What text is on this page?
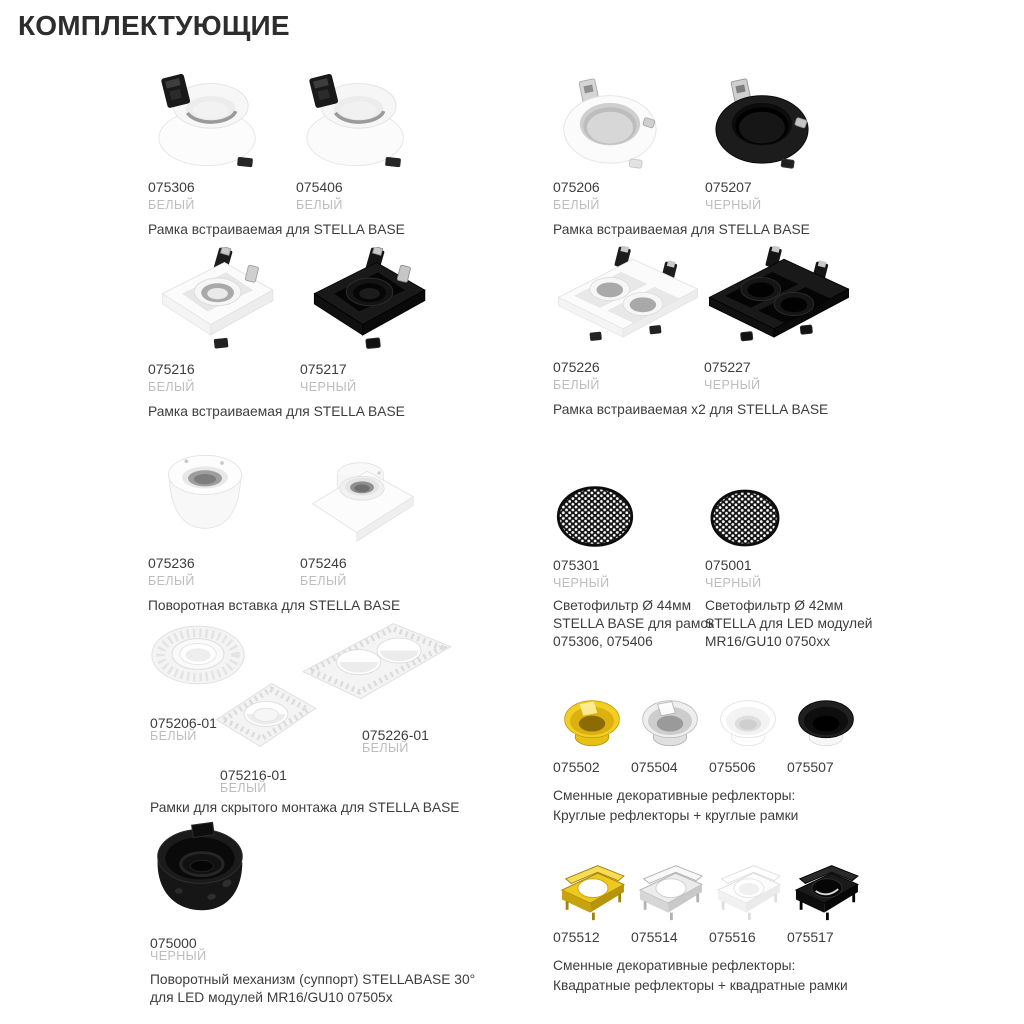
КОМПЛЕКТУЮЩИЕ
075306
БЕЛЫЙ
075406
БЕЛЫЙ
Рамка встраиваемая для STELLA BASE
075216
БЕЛЫЙ
075217
ЧЕРНЫЙ
Рамка встраиваемая для STELLA BASE
075236
БЕЛЫЙ
075246
БЕЛЫЙ
Поворотная вставка для STELLA BASE
075206-01
БЕЛЫЙ
075216-01
БЕЛЫЙ
075226-01
БЕЛЫЙ
Рамки для скрытого монтажа для STELLA BASE
075000
ЧЕРНЫЙ
Поворотный механизм (суппорт) STELLABASE 30°
для LED модулей MR16/GU10 07505x
075206
БЕЛЫЙ
075207
ЧЕРНЫЙ
Рамка встраиваемая для STELLA BASE
075226
БЕЛЫЙ
075227
ЧЕРНЫЙ
Рамка встраиваемая x2 для STELLA BASE
075301
ЧЕРНЫЙ
Светофильтр Ø 44мм
STELLA BASE для рамок
075306, 075406
075001
ЧЕРНЫЙ
Светофильтр Ø 42мм
STELLA для LED модулей
MR16/GU10 0750xx
075502	075504	075506	075507
Сменные декоративные рефлекторы:
Круглые рефлекторы + круглые рамки
075512	075514	075516	075517
Сменные декоративные рефлекторы:
Квадратные рефлекторы + квадратные рамки
